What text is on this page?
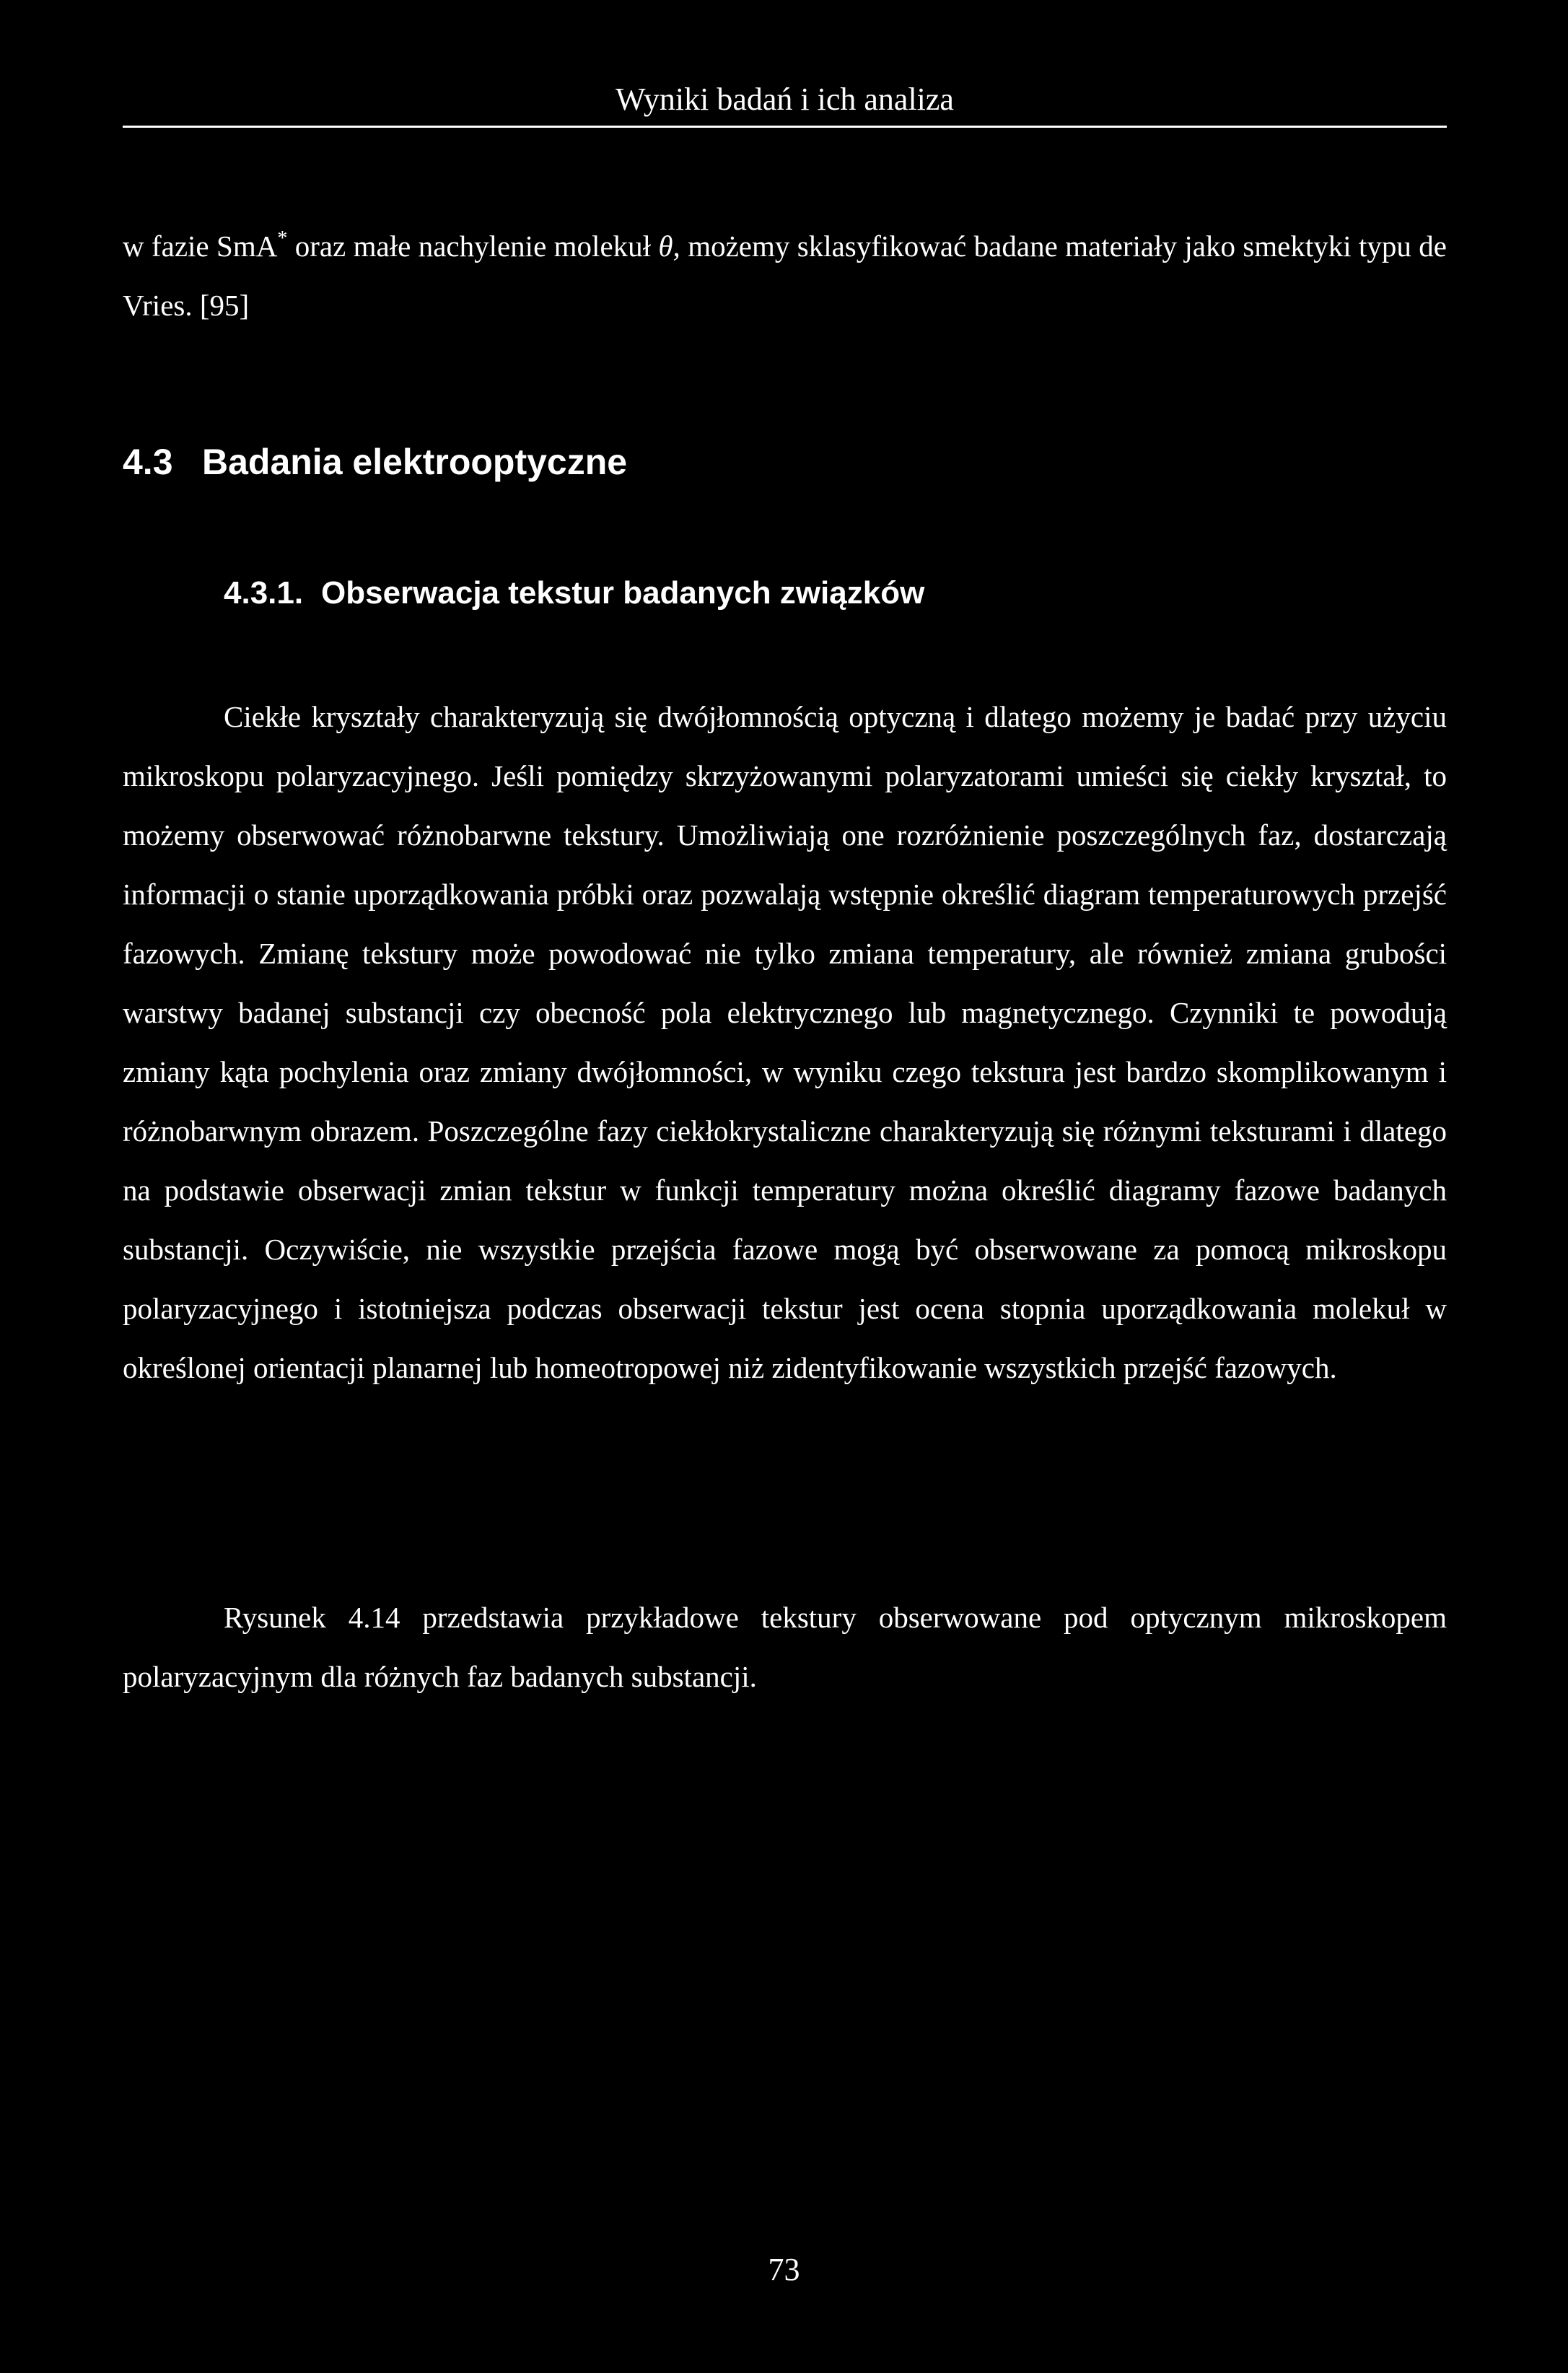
Wyniki badań i ich analiza

w fazie SmA* oraz małe nachylenie molekuł θ, możemy sklasyfikować badane materiały jako smektyki typu de Vries. [95]

4.3 Badania elektrooptyczne
4.3.1. Obserwacja tekstur badanych związków

Ciekłe kryształy charakteryzują się dwójłomnością optyczną i dlatego możemy je badać przy użyciu mikroskopu polaryzacyjnego. Jeśli pomiędzy skrzyżowanymi polaryzatorami umieści się ciekły kryształ, to możemy obserwować różnobarwne tekstury. Umożliwiają one rozróżnienie poszczególnych faz, dostarczają informacji o stanie uporządkowania próbki oraz pozwalają wstępnie określić diagram temperaturowych przejść fazowych. Zmianę tekstury może powodować nie tylko zmiana temperatury, ale również zmiana grubości warstwy badanej substancji czy obecność pola elektrycznego lub magnetycznego. Czynniki te powodują zmiany kąta pochylenia oraz zmiany dwójłomności, w wyniku czego tekstura jest bardzo skomplikowanym i różnobarwnym obrazem. Poszczególne fazy ciekłokrystaliczne charakteryzują się różnymi teksturami i dlatego na podstawie obserwacji zmian tekstur w funkcji temperatury można określić diagramy fazowe badanych substancji. Oczywiście, nie wszystkie przejścia fazowe mogą być obserwowane za pomocą mikroskopu polaryzacyjnego i istotniejsza podczas obserwacji tekstur jest ocena stopnia uporządkowania molekuł w określonej orientacji planarnej lub homeotropowej niż zidentyfikowanie wszystkich przejść fazowych.

Rysunek 4.14 przedstawia przykładowe tekstury obserwowane pod optycznym mikroskopem polaryzacyjnym dla różnych faz badanych substancji.

73
